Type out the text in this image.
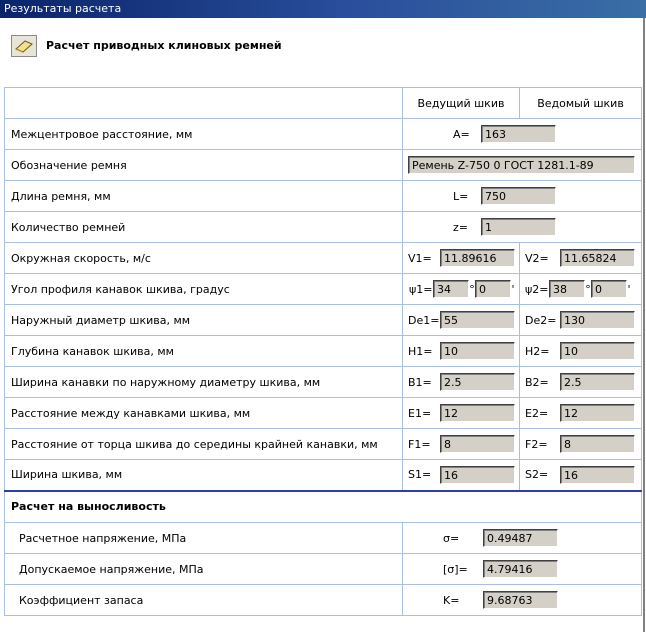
Результаты расчета
Расчет приводных клиновых ремней
	Ведущий шкив	Ведомый шкив
Межцентровое расстояние, мм	A= 163	

Обозначение ремня	Ремень Z-750 0 ГОСТ 1281.1-89	

Длина ремня, мм	L= 750	

Количество ремней	z= 1	

Окружная скорость, м/с	V1= 11.89616	V2= 11.65824

Угол профиля канавок шкива, градус	ψ1= 34 ° 0 '	ψ2= 38 ° 0 '

Наружный диаметр шкива, мм	De1= 55	De2= 130

Глубина канавок шкива, мм	H1= 10	H2= 10

Ширина канавки по наружному диаметру шкива, мм	B1= 2.5	B2= 2.5

Расстояние между канавками шкива, мм	E1= 12	E2= 12

Расстояние от торца шкива до середины крайней канавки, мм	F1= 8	F2= 8

Ширина шкива, мм	S1= 16	S2= 16

Расчет на выносливость		
Расчетное напряжение, МПа	σ= 0.49487	

Допускаемое напряжение, МПа	[σ]= 4.79416	

Коэффициент запаса	K= 9.68763	
